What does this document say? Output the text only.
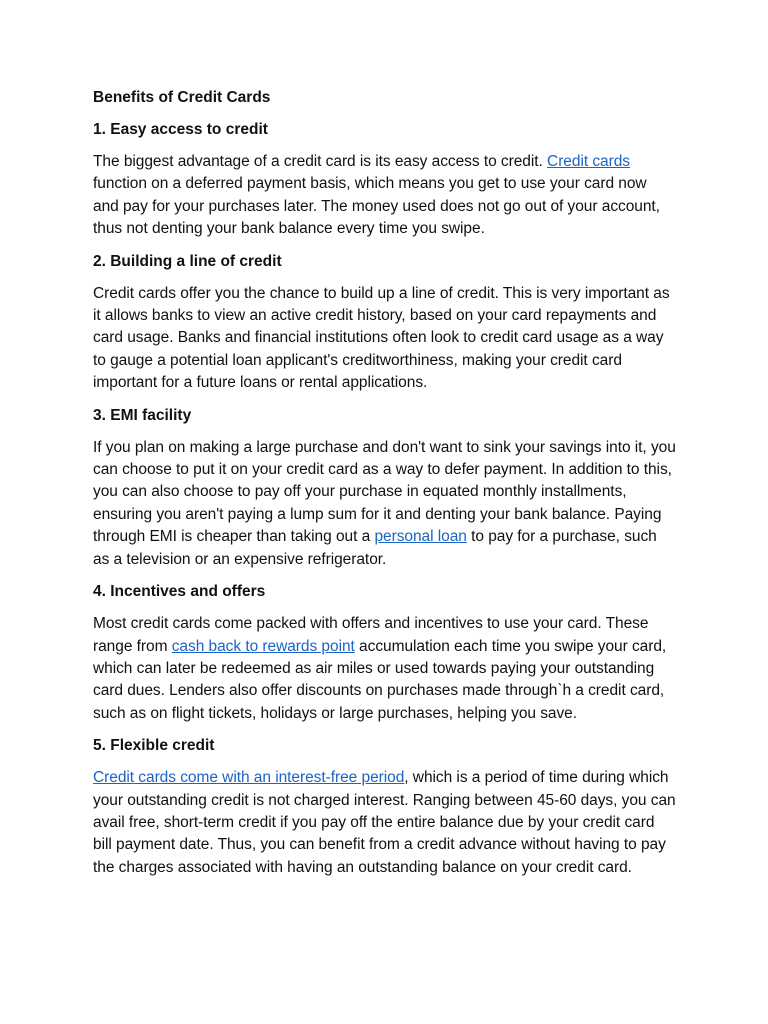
Benefits of Credit Cards
1. Easy access to credit

The biggest advantage of a credit card is its easy access to credit. Credit cards function on a deferred payment basis, which means you get to use your card now and pay for your purchases later. The money used does not go out of your account, thus not denting your bank balance every time you swipe.

2. Building a line of credit

Credit cards offer you the chance to build up a line of credit. This is very important as it allows banks to view an active credit history, based on your card repayments and card usage. Banks and financial institutions often look to credit card usage as a way to gauge a potential loan applicant's creditworthiness, making your credit card important for a future loans or rental applications.

3. EMI facility

If you plan on making a large purchase and don't want to sink your savings into it, you can choose to put it on your credit card as a way to defer payment. In addition to this, you can also choose to pay off your purchase in equated monthly installments, ensuring you aren't paying a lump sum for it and denting your bank balance. Paying through EMI is cheaper than taking out a personal loan to pay for a purchase, such as a television or an expensive refrigerator.

4. Incentives and offers

Most credit cards come packed with offers and incentives to use your card. These range from cash back to rewards point accumulation each time you swipe your card, which can later be redeemed as air miles or used towards paying your outstanding card dues. Lenders also offer discounts on purchases made through`h a credit card, such as on flight tickets, holidays or large purchases, helping you save.

5. Flexible credit

Credit cards come with an interest-free period, which is a period of time during which your outstanding credit is not charged interest. Ranging between 45-60 days, you can avail free, short-term credit if you pay off the entire balance due by your credit card bill payment date. Thus, you can benefit from a credit advance without having to pay the charges associated with having an outstanding balance on your credit card.
